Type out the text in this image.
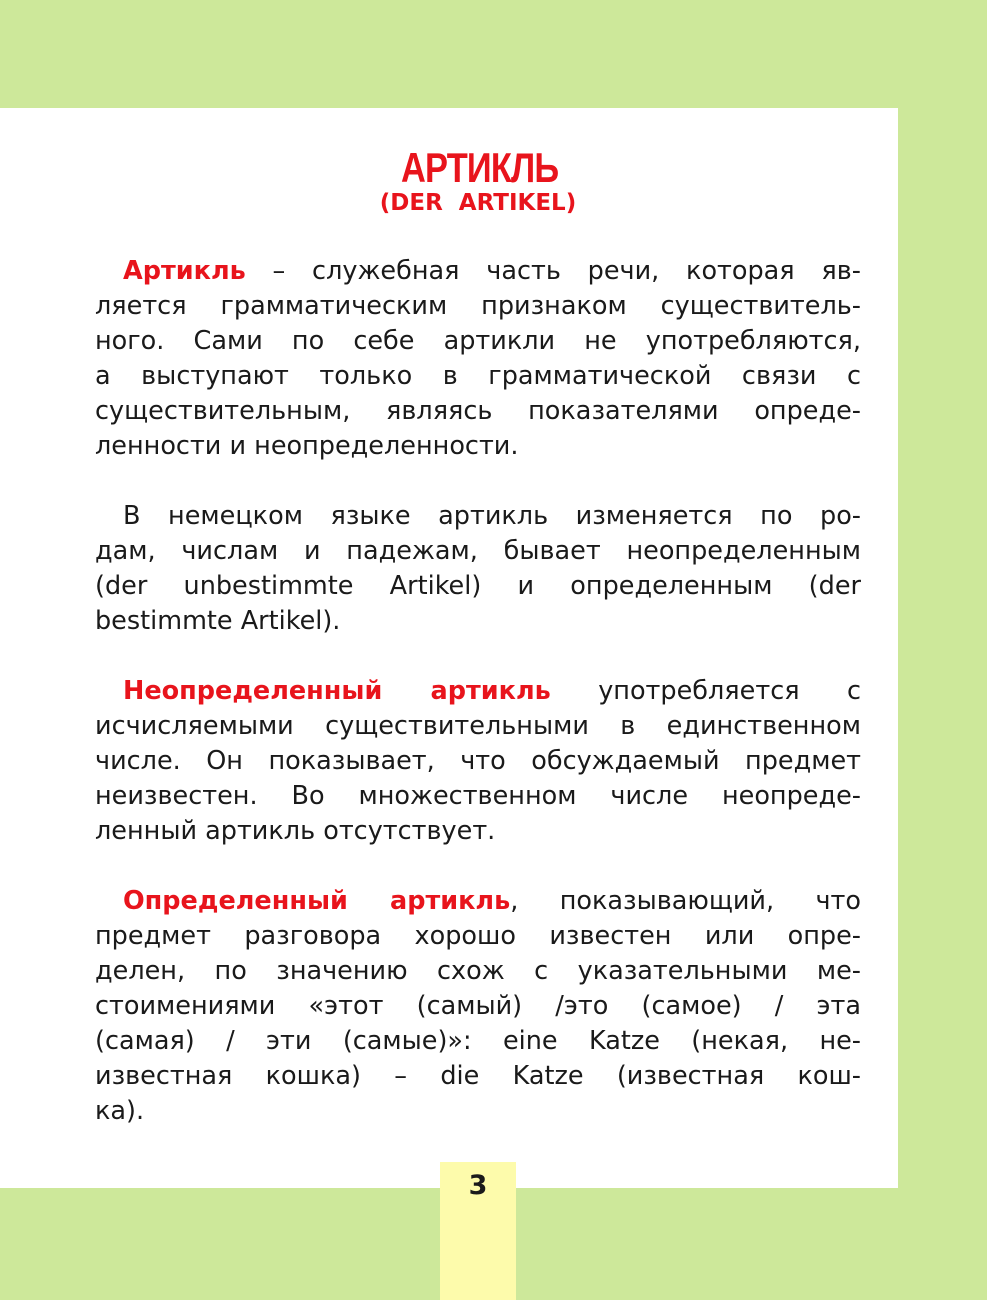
АРТИКЛЬ
(DER ARTIKEL)
Артикль – служебная часть речи, которая яв-
ляется грамматическим признаком существитель-
ного. Сами по себе артикли не употребляются,
а выступают только в грамматической связи с
существительным, являясь показателями опреде-
ленности и неопределенности.
В немецком языке артикль изменяется по ро-
дам, числам и падежам, бывает неопределенным
(der unbestimmte Artikel) и определенным (der
bestimmte Artikel).
Неопределенный артикль употребляется с
исчисляемыми существительными в единственном
числе. Он показывает, что обсуждаемый предмет
неизвестен. Во множественном числе неопреде-
ленный артикль отсутствует.
Определенный артикль, показывающий, что
предмет разговора хорошо известен или опре-
делен, по значению схож с указательными ме-
стоимениями «этот (самый) /это (самое) / эта
(самая) / эти (самые)»: eine Katze (некая, не-
известная кошка) – die Katze (известная кош-
ка).
3
